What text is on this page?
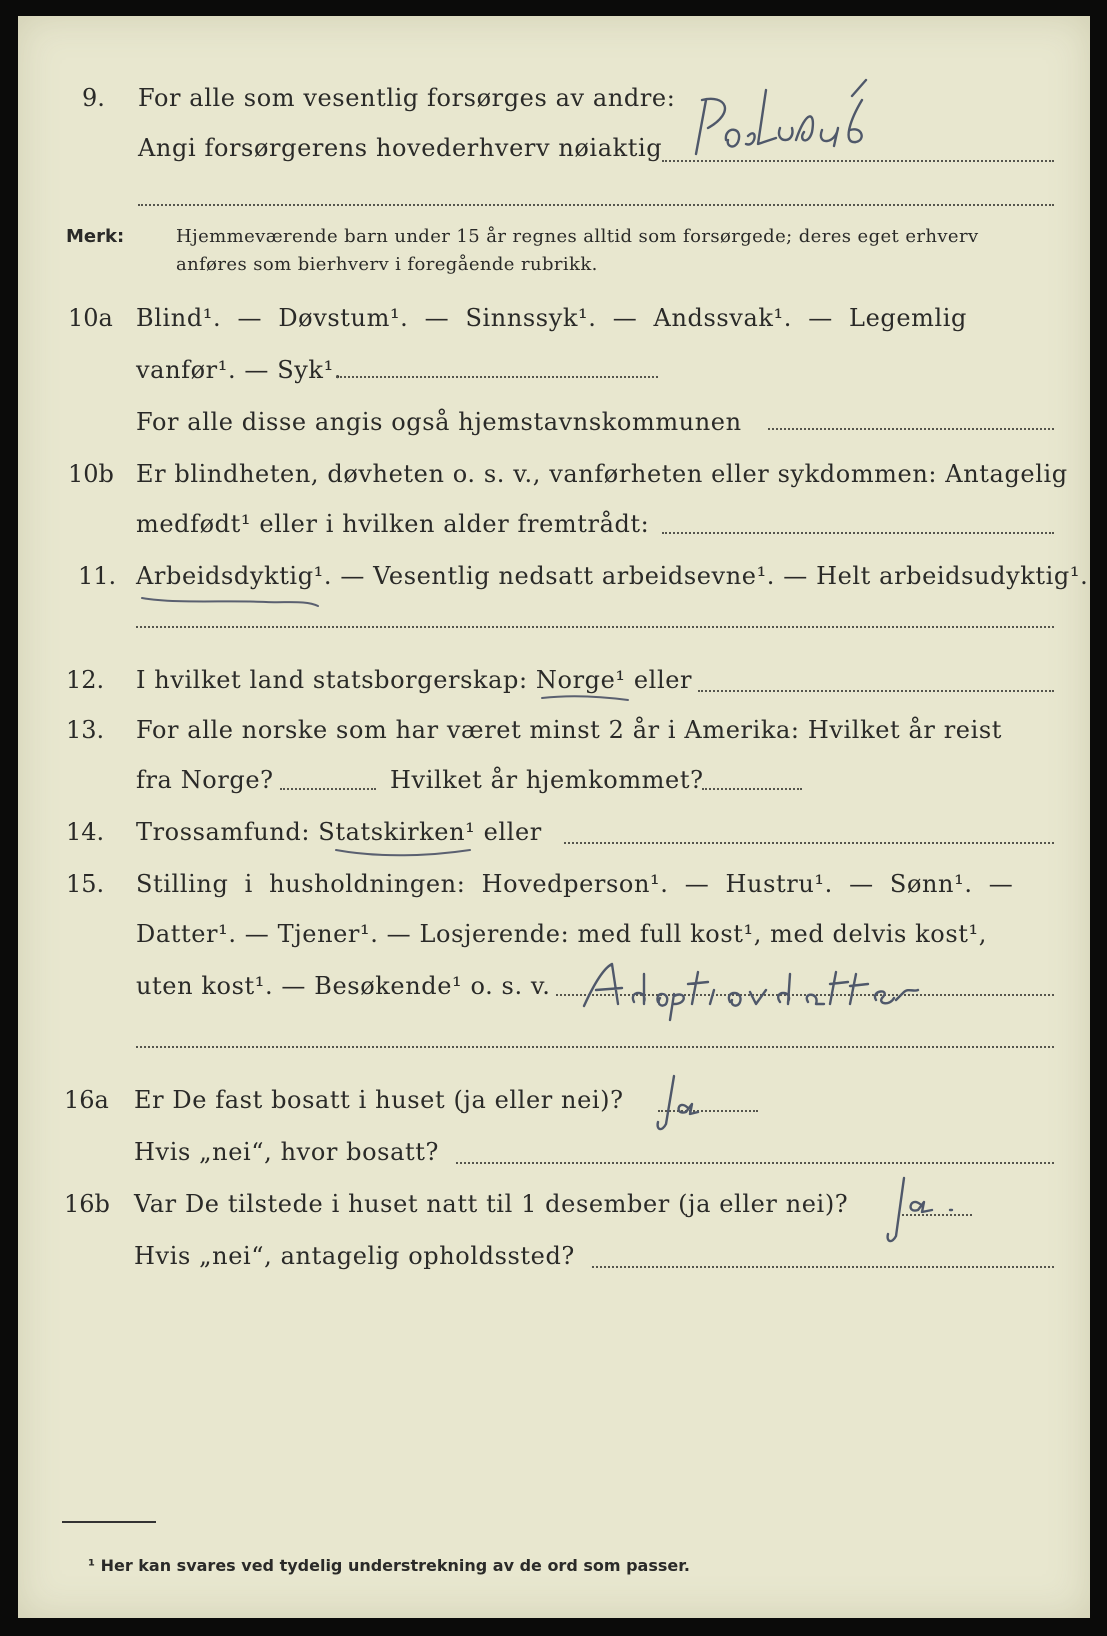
9. For alle som vesentlig forsørges av andre:
Angi forsørgerens hovederhverv nøiaktig
Merk:	Hjemmeværende barn under 15 år regnes alltid som forsørgede; deres eget erhverv
anføres som bierhverv i foregående rubrikk.
10a Blind¹. — Døvstum¹. — Sinnssyk¹. — Andssvak¹. — Legemlig
vanfør¹. — Syk¹.
For alle disse angis også hjemstavnskommunen
10b Er blindheten, døvheten o. s. v., vanførheten eller sykdommen: Antagelig
medfødt¹ eller i hvilken alder fremtrådt:
11. Arbeidsdyktig¹. — Vesentlig nedsatt arbeidsevne¹. — Helt arbeidsudyktig¹.
12. I hvilket land statsborgerskap: Norge¹ eller
13. For alle norske som har været minst 2 år i Amerika: Hvilket år reist
fra Norge?	Hvilket år hjemkommet?
14. Trossamfund: Statskirken¹ eller
15. Stilling i husholdningen: Hovedperson¹. — Hustru¹. — Sønn¹. —
Datter¹. — Tjener¹. — Losjerende: med full kost¹, med delvis kost¹,
uten kost¹. — Besøkende¹ o. s. v.
16a Er De fast bosatt i huset (ja eller nei)?
Hvis „nei“, hvor bosatt?
16b Var De tilstede i huset natt til 1 desember (ja eller nei)?
Hvis „nei“, antagelig opholdssted?
¹ Her kan svares ved tydelig understrekning av de ord som passer.
